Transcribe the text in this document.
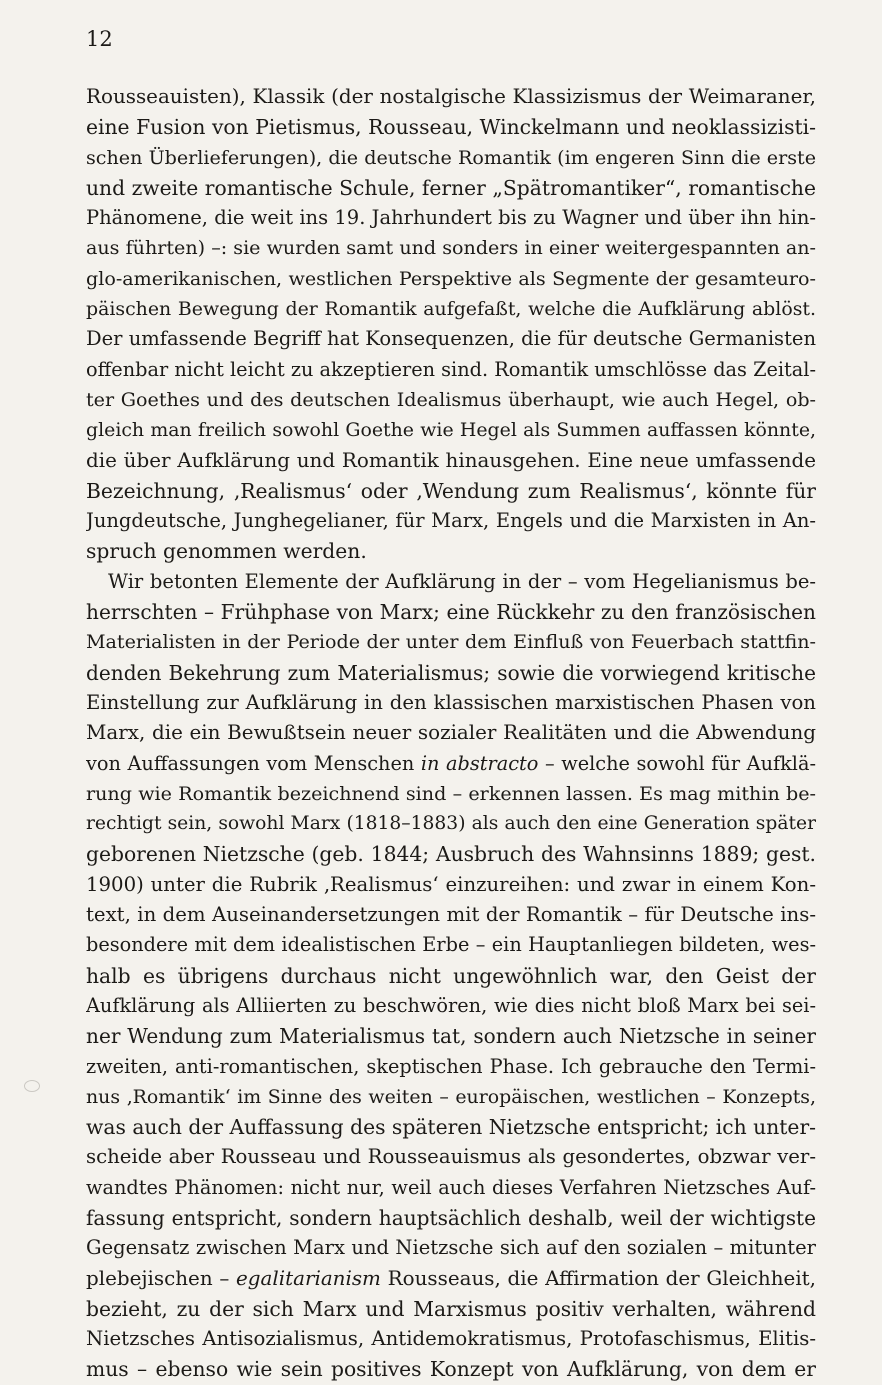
12
Rousseauisten), Klassik (der nostalgische Klassizismus der Weimaraner,
eine Fusion von Pietismus, Rousseau, Winckelmann und neoklassizisti-
schen Überlieferungen), die deutsche Romantik (im engeren Sinn die erste
und zweite romantische Schule, ferner „Spätromantiker“, romantische
Phänomene, die weit ins 19. Jahrhundert bis zu Wagner und über ihn hin-
aus führten) –: sie wurden samt und sonders in einer weitergespannten an-
glo-amerikanischen, westlichen Perspektive als Segmente der gesamteuro-
päischen Bewegung der Romantik aufgefaßt, welche die Aufklärung ablöst.
Der umfassende Begriff hat Konsequenzen, die für deutsche Germanisten
offenbar nicht leicht zu akzeptieren sind. Romantik umschlösse das Zeital-
ter Goethes und des deutschen Idealismus überhaupt, wie auch Hegel, ob-
gleich man freilich sowohl Goethe wie Hegel als Summen auffassen könnte,
die über Aufklärung und Romantik hinausgehen. Eine neue umfassende
Bezeichnung, ‚Realismus‘ oder ‚Wendung zum Realismus‘, könnte für
Jungdeutsche, Junghegelianer, für Marx, Engels und die Marxisten in An-
spruch genommen werden.
Wir betonten Elemente der Aufklärung in der – vom Hegelianismus be-
herrschten – Frühphase von Marx; eine Rückkehr zu den französischen
Materialisten in der Periode der unter dem Einfluß von Feuerbach stattfin-
denden Bekehrung zum Materialismus; sowie die vorwiegend kritische
Einstellung zur Aufklärung in den klassischen marxistischen Phasen von
Marx, die ein Bewußtsein neuer sozialer Realitäten und die Abwendung
von Auffassungen vom Menschen in abstracto – welche sowohl für Aufklä-
rung wie Romantik bezeichnend sind – erkennen lassen. Es mag mithin be-
rechtigt sein, sowohl Marx (1818–1883) als auch den eine Generation später
geborenen Nietzsche (geb. 1844; Ausbruch des Wahnsinns 1889; gest.
1900) unter die Rubrik ‚Realismus‘ einzureihen: und zwar in einem Kon-
text, in dem Auseinandersetzungen mit der Romantik – für Deutsche ins-
besondere mit dem idealistischen Erbe – ein Hauptanliegen bildeten, wes-
halb es übrigens durchaus nicht ungewöhnlich war, den Geist der
Aufklärung als Alliierten zu beschwören, wie dies nicht bloß Marx bei sei-
ner Wendung zum Materialismus tat, sondern auch Nietzsche in seiner
zweiten, anti-romantischen, skeptischen Phase. Ich gebrauche den Termi-
nus ‚Romantik‘ im Sinne des weiten – europäischen, westlichen – Konzepts,
was auch der Auffassung des späteren Nietzsche entspricht; ich unter-
scheide aber Rousseau und Rousseauismus als gesondertes, obzwar ver-
wandtes Phänomen: nicht nur, weil auch dieses Verfahren Nietzsches Auf-
fassung entspricht, sondern hauptsächlich deshalb, weil der wichtigste
Gegensatz zwischen Marx und Nietzsche sich auf den sozialen – mitunter
plebejischen – egalitarianism Rousseaus, die Affirmation der Gleichheit,
bezieht, zu der sich Marx und Marxismus positiv verhalten, während
Nietzsches Antisozialismus, Antidemokratismus, Protofaschismus, Elitis-
mus – ebenso wie sein positives Konzept von Aufklärung, von dem er
